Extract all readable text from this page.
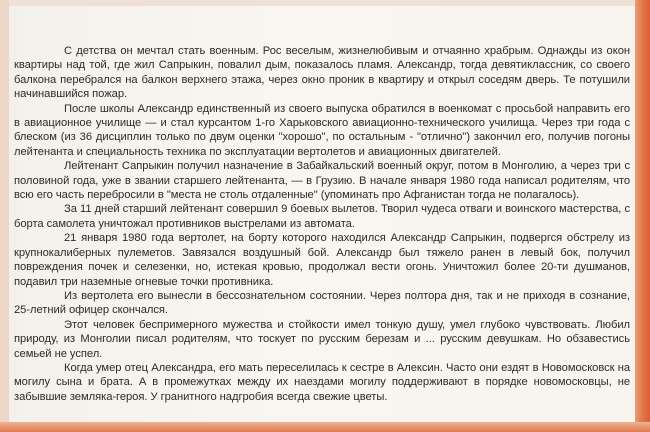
С детства он мечтал стать военным. Рос веселым, жизнелюбивым и отчаянно храбрым. Однажды из окон квартиры над той, где жил Сапрыкин, повалил дым, показалось пламя. Александр, тогда девятиклассник, со своего балкона перебрался на балкон верхнего этажа, через окно проник в квартиру и открыл соседям дверь. Те потушили начинавшийся пожар.

После школы Александр единственный из своего выпуска обратился в военкомат с просьбой направить его в авиационное училище — и стал курсантом 1-го Харьковского авиационно-технического училища. Через три года с блеском (из 36 дисциплин только по двум оценки "хорошо", по остальным - "отлично") закончил его, получив погоны лейтенанта и специальность техника по эксплуатации вертолетов и авиационных двигателей.

Лейтенант Сапрыкин получил назначение в Забайкальский военный округ, потом в Монголию, а через три с половиной года, уже в звании старшего лейтенанта, — в Грузию. В начале января 1980 года написал родителям, что всю его часть перебросили в "места не столь отдаленные" (упоминать про Афганистан тогда не полагалось).

За 11 дней старший лейтенант совершил 9 боевых вылетов. Творил чудеса отваги и воинского мастерства, с борта самолета уничтожал противников выстрелами из автомата.

21 января 1980 года вертолет, на борту которого находился Александр Сапрыкин, подвергся обстрелу из крупнокалиберных пулеметов. Завязался воздушный бой. Александр был тяжело ранен в левый бок, получил повреждения почек и селезенки, но, истекая кровью, продолжал вести огонь. Уничтожил более 20-ти душманов, подавил три наземные огневые точки противника.

Из вертолета его вынесли в бессознательном состоянии. Через полтора дня, так и не приходя в сознание, 25-летний офицер скончался.

Этот человек беспримерного мужества и стойкости имел тонкую душу, умел глубоко чувствовать. Любил природу, из Монголии писал родителям, что тоскует по русским березам и ... русским девушкам. Но обзавестись семьей не успел.

Когда умер отец Александра, его мать переселилась к сестре в Алексин. Часто они ездят в Новомосковск на могилу сына и брата. А в промежутках между их наездами могилу поддерживают в порядке новомосковцы, не забывшие земляка-героя. У гранитного надгробия всегда свежие цветы.
